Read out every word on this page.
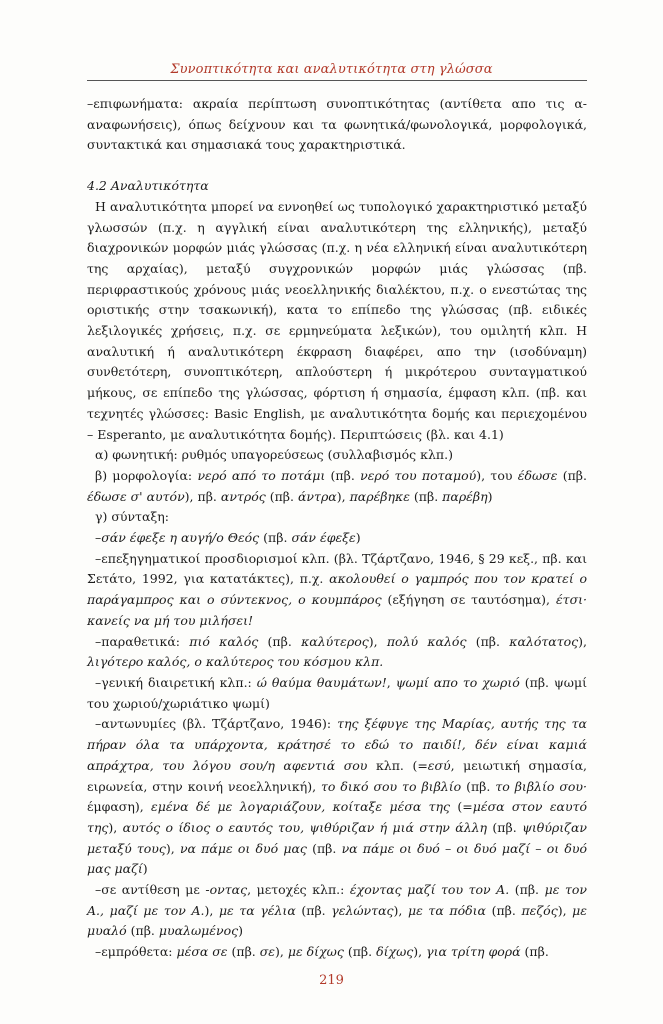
Συνοπτικότητα και αναλυτικότητα στη γλώσσα

–επιφωνήματα: ακραία περίπτωση συνοπτικότητας (αντίθετα απο τις α-αναφωνήσεις), όπως δείχνουν και τα φωνητικά/φωνολογικά, μορφολογικά, συντακτικά και σημασιακά τους χαρακτηριστικά.

4.2 Αναλυτικότητα

Η αναλυτικότητα μπορεί να εννοηθεί ως τυπολογικό χαρακτηριστικό μεταξύ γλωσσών (π.χ. η αγγλική είναι αναλυτικότερη της ελληνικής), μεταξύ διαχρονικών μορφών μιάς γλώσσας (π.χ. η νέα ελληνική είναι αναλυτικότερη της αρχαίας), μεταξύ συγχρονικών μορφών μιάς γλώσσας (πβ. περιφραστικούς χρόνους μιάς νεοελληνικής διαλέκτου, π.χ. ο ενεστώτας της οριστικής στην τσακωνική), κατα το επίπεδο της γλώσσας (πβ. ειδικές λεξιλογικές χρήσεις, π.χ. σε ερμηνεύματα λεξικών), του ομιλητή κλπ. Η αναλυτική ή αναλυτικότερη έκφραση διαφέρει, απο την (ισοδύναμη) συνθετότερη, συνοπτικότερη, απλούστερη ή μικρότερου συνταγματικού μήκους, σε επίπεδο της γλώσσας, φόρτιση ή σημασία, έμφαση κλπ. (πβ. και τεχνητές γλώσσες: Basic English, με αναλυτικότητα δομής και περιεχομένου – Esperanto, με αναλυτικότητα δομής). Περιπτώσεις (βλ. και 4.1)

α) φωνητική: ρυθμός υπαγορεύσεως (συλλαβισμός κλπ.)

β) μορφολογία: νερό από το ποτάμι (πβ. νερό του ποταμού), του έδωσε (πβ. έδωσε σ' αυτόν), πβ. αντρός (πβ. άντρα), παρέβηκε (πβ. παρέβη)

γ) σύνταξη:

–σάν έφεξε η αυγή/ο Θεός (πβ. σάν έφεξε)

–επεξηγηματικοί προσδιορισμοί κλπ. (βλ. Τζάρτζανο, 1946, § 29 κεξ., πβ. και Σετάτο, 1992, για κατατάκτες), π.χ. ακολουθεί ο γαμπρός που τον κρατεί ο παράγαμπρος και ο σύντεκνος, ο κουμπάρος (εξήγηση σε ταυτόσημα), έτσι· κανείς να μή του μιλήσει!

–παραθετικά: πιό καλός (πβ. καλύτερος), πολύ καλός (πβ. καλότατος), λιγότερο καλός, ο καλύτερος του κόσμου κλπ.

–γενική διαιρετική κλπ.: ώ θαύμα θαυμάτων!, ψωμί απο το χωριό (πβ. ψωμί του χωριού/χωριάτικο ψωμί)

–αντωνυμίες (βλ. Τζάρτζανο, 1946): της ξέφυγε της Μαρίας, αυτής της τα πήραν όλα τα υπάρχοντα, κράτησέ το εδώ το παιδί!, δέν είναι καμιά απράχτρα, του λόγου σου/η αφεντιά σου κλπ. (=εσύ, μειωτική σημασία, ειρωνεία, στην κοινή νεοελληνική), το δικό σου το βιβλίο (πβ. το βιβλίο σου· έμφαση), εμένα δέ με λογαριάζουν, κοίταξε μέσα της (=μέσα στον εαυτό της), αυτός ο ίδιος ο εαυτός του, ψιθύριζαν ή μιά στην άλλη (πβ. ψιθύριζαν μεταξύ τους), να πάμε οι δυό μας (πβ. να πάμε οι δυό – οι δυό μαζί – οι δυό μας μαζί)

–σε αντίθεση με -οντας, μετοχές κλπ.: έχοντας μαζί του τον Α. (πβ. με τον Α., μαζί με τον Α.), με τα γέλια (πβ. γελώντας), με τα πόδια (πβ. πεζός), με μυαλό (πβ. μυαλωμένος)

–εμπρόθετα: μέσα σε (πβ. σε), με δίχως (πβ. δίχως), για τρίτη φορά (πβ.

219
